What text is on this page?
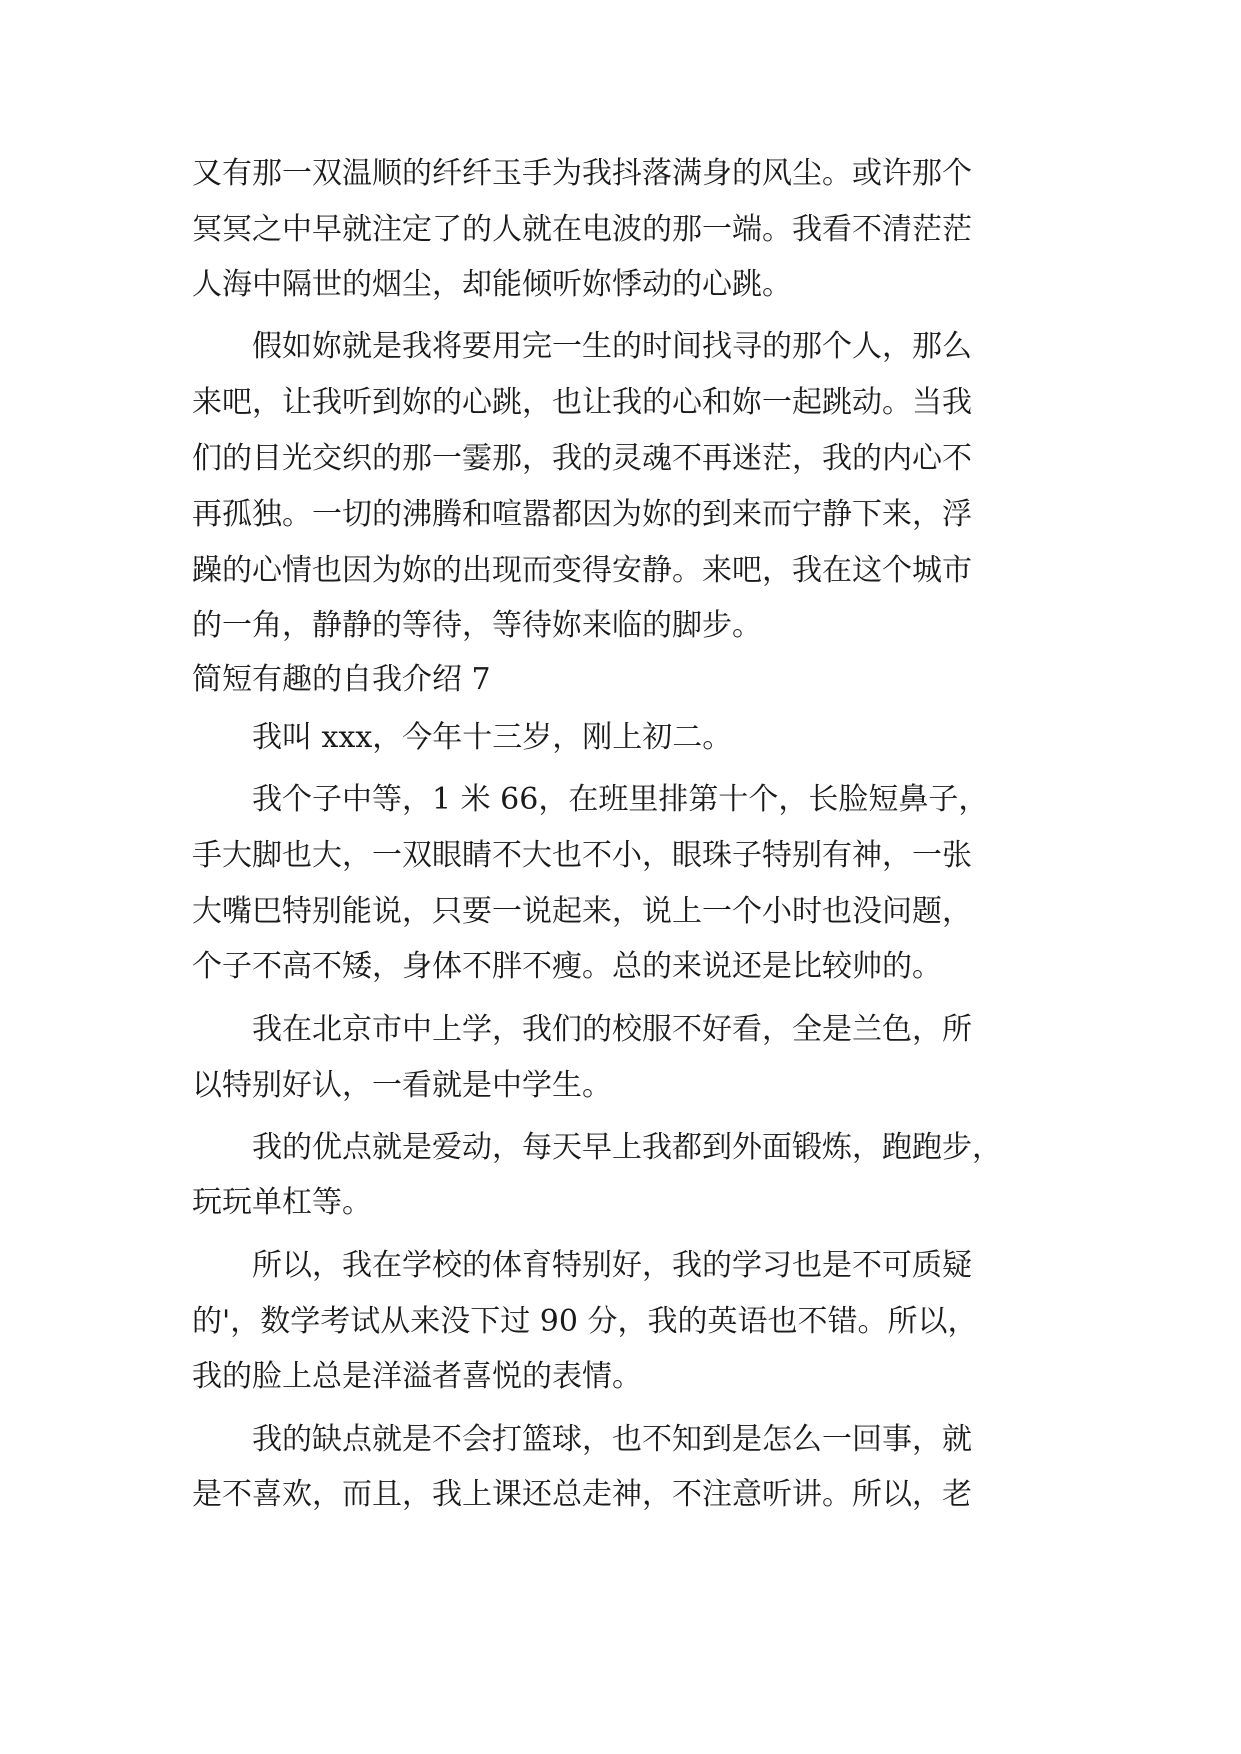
又有那一双温顺的纤纤玉手为我抖落满身的风尘。或许那个
冥冥之中早就注定了的人就在电波的那一端。我看不清茫茫
人海中隔世的烟尘，却能倾听妳悸动的心跳。
假如妳就是我将要用完一生的时间找寻的那个人，那么
来吧，让我听到妳的心跳，也让我的心和妳一起跳动。当我
们的目光交织的那一霎那，我的灵魂不再迷茫，我的内心不
再孤独。一切的沸腾和喧嚣都因为妳的到来而宁静下来，浮
躁的心情也因为妳的出现而变得安静。来吧，我在这个城市
的一角，静静的等待，等待妳来临的脚步。
简短有趣的自我介绍 7
我叫 xxx，今年十三岁，刚上初二。
我个子中等，1 米 66，在班里排第十个，长脸短鼻子，
手大脚也大，一双眼睛不大也不小，眼珠子特别有神，一张
大嘴巴特别能说，只要一说起来，说上一个小时也没问题，
个子不高不矮，身体不胖不瘦。总的来说还是比较帅的。
我在北京市中上学，我们的校服不好看，全是兰色，所
以特别好认，一看就是中学生。
我的优点就是爱动，每天早上我都到外面锻炼，跑跑步，
玩玩单杠等。
所以，我在学校的体育特别好，我的学习也是不可质疑
的'，数学考试从来没下过 90 分，我的英语也不错。所以，
我的脸上总是洋溢者喜悦的表情。
我的缺点就是不会打篮球，也不知到是怎么一回事，就
是不喜欢，而且，我上课还总走神，不注意听讲。所以，老
